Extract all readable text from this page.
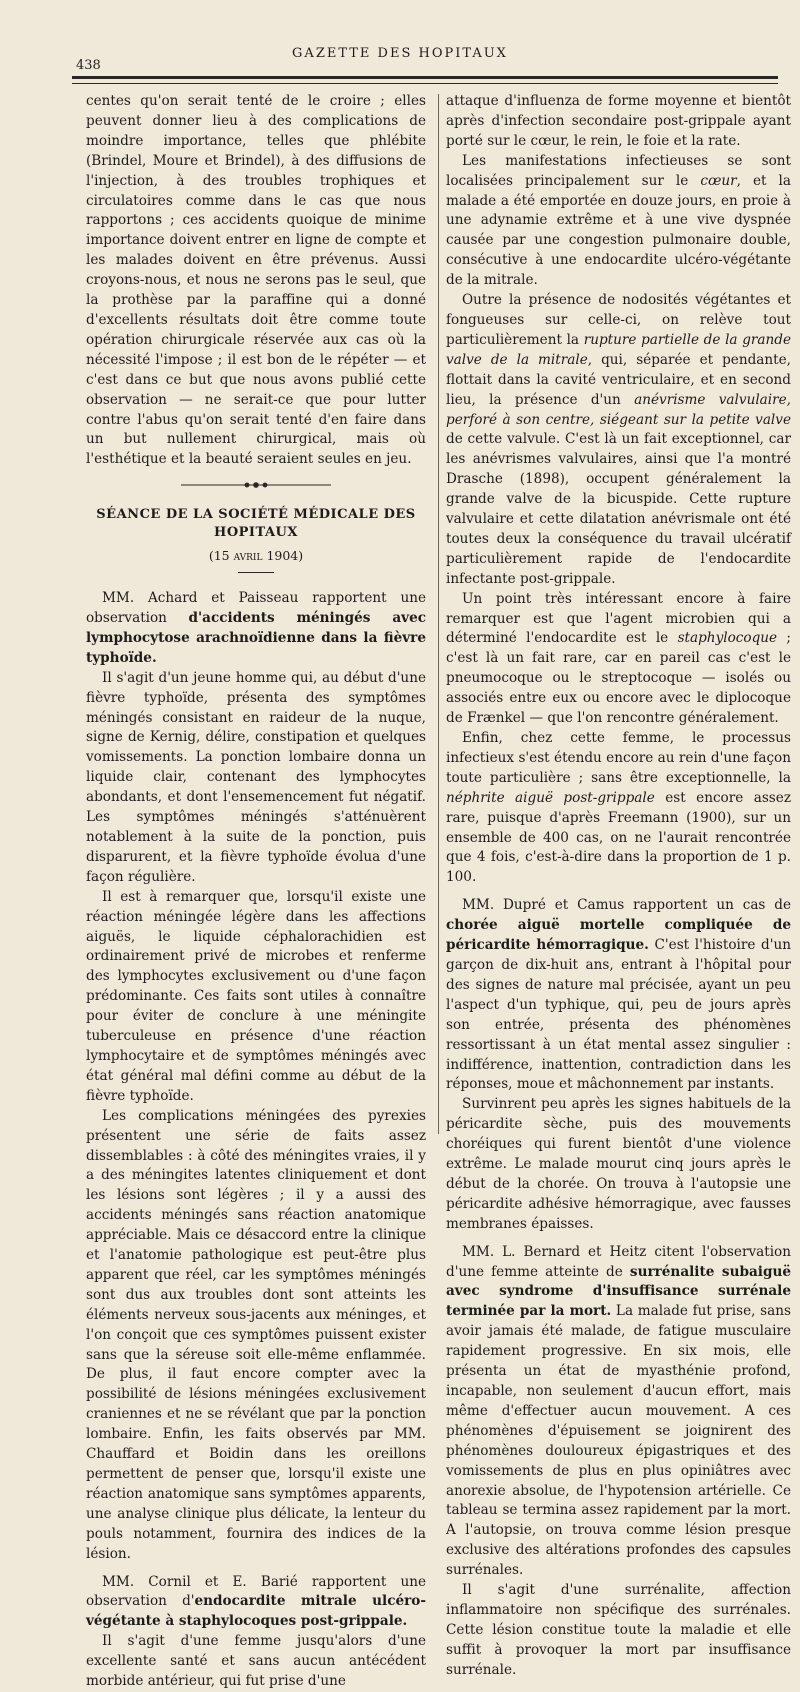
438
GAZETTE DES HOPITAUX

centes qu'on serait tenté de le croire ; elles peuvent donner lieu à des complications de moindre importance, telles que phlébite (Brindel, Moure et Brindel), à des diffusions de l'injection, à des troubles trophiques et circulatoires comme dans le cas que nous rapportons ; ces accidents quoique de minime importance doivent entrer en ligne de compte et les malades doivent en être prévenus. Aussi croyons-nous, et nous ne serons pas le seul, que la prothèse par la paraffine qui a donné d'excellents résultats doit être comme toute opération chirurgicale réservée aux cas où la nécessité l'impose ; il est bon de le répéter — et c'est dans ce but que nous avons publié cette observation — ne serait-ce que pour lutter contre l'abus qu'on serait tenté d'en faire dans un but nullement chirurgical, mais où l'esthétique et la beauté seraient seules en jeu.

SÉANCE DE LA SOCIÉTÉ MÉDICALE DES HOPITAUX
(15 avril 1904)

MM. Achard et Paisseau rapportent une observation d'accidents méningés avec lymphocytose arachnoïdienne dans la fièvre typhoïde.

Il s'agit d'un jeune homme qui, au début d'une fièvre typhoïde, présenta des symptômes méningés consistant en raideur de la nuque, signe de Kernig, délire, constipation et quelques vomissements. La ponction lombaire donna un liquide clair, contenant des lymphocytes abondants, et dont l'ensemencement fut négatif. Les symptômes méningés s'atténuèrent notablement à la suite de la ponction, puis disparurent, et la fièvre typhoïde évolua d'une façon régulière.

Il est à remarquer que, lorsqu'il existe une réaction méningée légère dans les affections aiguës, le liquide céphalorachidien est ordinairement privé de microbes et renferme des lymphocytes exclusivement ou d'une façon prédominante. Ces faits sont utiles à connaître pour éviter de conclure à une méningite tuberculeuse en présence d'une réaction lymphocytaire et de symptômes méningés avec état général mal défini comme au début de la fièvre typhoïde.

Les complications méningées des pyrexies présentent une série de faits assez dissemblables : à côté des méningites vraies, il y a des méningites latentes cliniquement et dont les lésions sont légères ; il y a aussi des accidents méningés sans réaction anatomique appréciable. Mais ce désaccord entre la clinique et l'anatomie pathologique est peut-être plus apparent que réel, car les symptômes méningés sont dus aux troubles dont sont atteints les éléments nerveux sous-jacents aux méninges, et l'on conçoit que ces symptômes puissent exister sans que la séreuse soit elle-même enflammée. De plus, il faut encore compter avec la possibilité de lésions méningées exclusivement craniennes et ne se révélant que par la ponction lombaire. Enfin, les faits observés par MM. Chauffard et Boidin dans les oreillons permettent de penser que, lorsqu'il existe une réaction anatomique sans symptômes apparents, une analyse clinique plus délicate, la lenteur du pouls notamment, fournira des indices de la lésion.

MM. Cornil et E. Barié rapportent une observation d'endocardite mitrale ulcéro-végétante à staphylocoques post-grippale.

Il s'agit d'une femme jusqu'alors d'une excellente santé et sans aucun antécédent morbide antérieur, qui fut prise d'une

attaque d'influenza de forme moyenne et bientôt après d'infection secondaire post-grippale ayant porté sur le cœur, le rein, le foie et la rate.

Les manifestations infectieuses se sont localisées principalement sur le cœur, et la malade a été emportée en douze jours, en proie à une adynamie extrême et à une vive dyspnée causée par une congestion pulmonaire double, consécutive à une endocardite ulcéro-végétante de la mitrale.

Outre la présence de nodosités végétantes et fongueuses sur celle-ci, on relève tout particulièrement la rupture partielle de la grande valve de la mitrale, qui, séparée et pendante, flottait dans la cavité ventriculaire, et en second lieu, la présence d'un anévrisme valvulaire, perforé à son centre, siégeant sur la petite valve de cette valvule. C'est là un fait exceptionnel, car les anévrismes valvulaires, ainsi que l'a montré Drasche (1898), occupent généralement la grande valve de la bicuspide. Cette rupture valvulaire et cette dilatation anévrismale ont été toutes deux la conséquence du travail ulcératif particulièrement rapide de l'endocardite infectante post-grippale.

Un point très intéressant encore à faire remarquer est que l'agent microbien qui a déterminé l'endocardite est le staphylocoque ; c'est là un fait rare, car en pareil cas c'est le pneumocoque ou le streptocoque — isolés ou associés entre eux ou encore avec le diplocoque de Frænkel — que l'on rencontre généralement.

Enfin, chez cette femme, le processus infectieux s'est étendu encore au rein d'une façon toute particulière ; sans être exceptionnelle, la néphrite aiguë post-grippale est encore assez rare, puisque d'après Freemann (1900), sur un ensemble de 400 cas, on ne l'aurait rencontrée que 4 fois, c'est-à-dire dans la proportion de 1 p. 100.

MM. Dupré et Camus rapportent un cas de chorée aiguë mortelle compliquée de péricardite hémorragique. C'est l'histoire d'un garçon de dix-huit ans, entrant à l'hôpital pour des signes de nature mal précisée, ayant un peu l'aspect d'un typhique, qui, peu de jours après son entrée, présenta des phénomènes ressortissant à un état mental assez singulier : indifférence, inattention, contradiction dans les réponses, moue et mâchonnement par instants.

Survinrent peu après les signes habituels de la péricardite sèche, puis des mouvements choréiques qui furent bientôt d'une violence extrême. Le malade mourut cinq jours après le début de la chorée. On trouva à l'autopsie une péricardite adhésive hémorragique, avec fausses membranes épaisses.

MM. L. Bernard et Heitz citent l'observation d'une femme atteinte de surrénalite subaiguë avec syndrome d'insuffisance surrénale terminée par la mort. La malade fut prise, sans avoir jamais été malade, de fatigue musculaire rapidement progressive. En six mois, elle présenta un état de myasthénie profond, incapable, non seulement d'aucun effort, mais même d'effectuer aucun mouvement. A ces phénomènes d'épuisement se joignirent des phénomènes douloureux épigastriques et des vomissements de plus en plus opiniâtres avec anorexie absolue, de l'hypotension artérielle. Ce tableau se termina assez rapidement par la mort. A l'autopsie, on trouva comme lésion presque exclusive des altérations profondes des capsules surrénales.

Il s'agit d'une surrénalite, affection inflammatoire non spécifique des surrénales. Cette lésion constitue toute la maladie et elle suffit à provoquer la mort par insuffisance surrénale.
